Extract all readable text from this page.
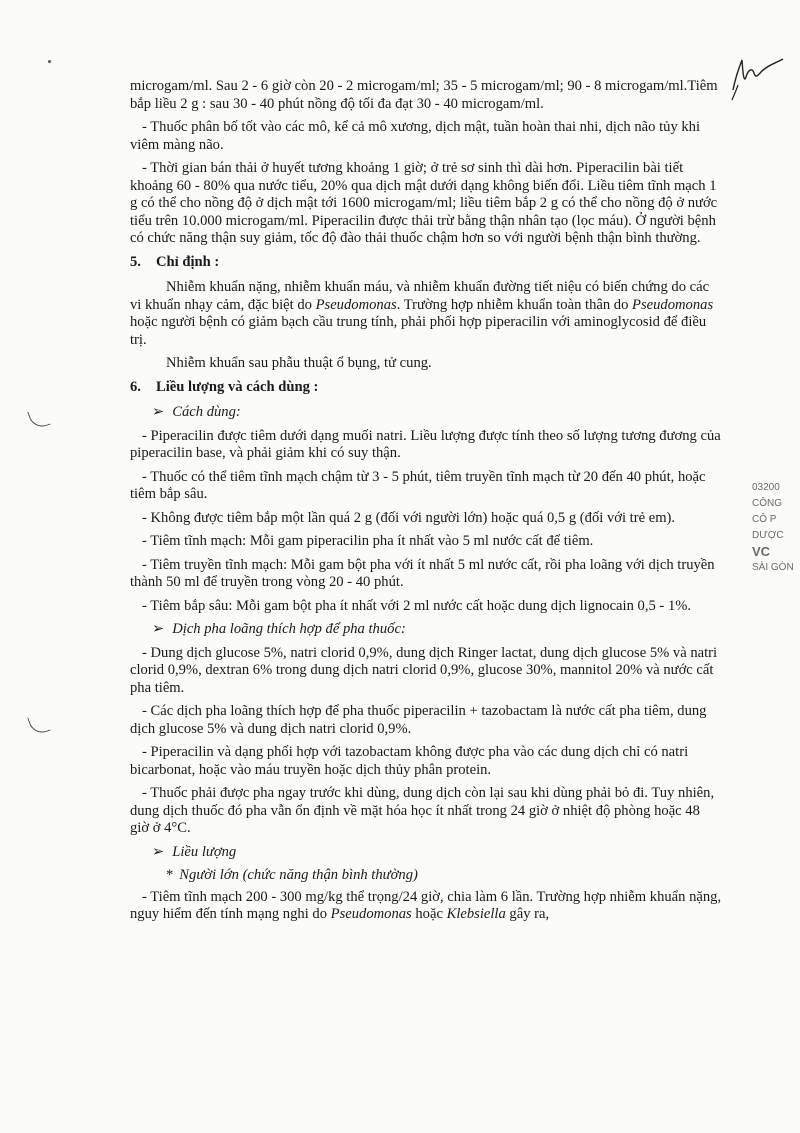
03200
CÔNG
CÔ P
DƯỢC
VC
SÀI GÒN

microgam/ml. Sau 2 - 6 giờ còn 20 - 2 microgam/ml; 35 - 5 microgam/ml; 90 - 8 microgam/ml.Tiêm bắp liều 2 g : sau 30 - 40 phút nồng độ tối đa đạt 30 - 40 microgam/ml.

- Thuốc phân bố tốt vào các mô, kể cả mô xương, dịch mật, tuần hoàn thai nhi, dịch não tủy khi viêm màng não.

- Thời gian bán thải ở huyết tương khoảng 1 giờ; ở trẻ sơ sinh thì dài hơn. Piperacilin bài tiết khoảng 60 - 80% qua nước tiểu, 20% qua dịch mật dưới dạng không biến đổi. Liều tiêm tĩnh mạch 1 g có thể cho nồng độ ở dịch mật tới 1600 microgam/ml; liều tiêm bắp 2 g có thể cho nồng độ ở nước tiểu trên 10.000 microgam/ml. Piperacilin được thải trừ bằng thận nhân tạo (lọc máu). Ở người bệnh có chức năng thận suy giảm, tốc độ đào thải thuốc chậm hơn so với người bệnh thận bình thường.

5. Chỉ định :

Nhiễm khuẩn nặng, nhiễm khuẩn máu, và nhiễm khuẩn đường tiết niệu có biến chứng do các vi khuẩn nhạy cảm, đặc biệt do Pseudomonas. Trường hợp nhiễm khuẩn toàn thân do Pseudomonas hoặc người bệnh có giảm bạch cầu trung tính, phải phối hợp piperacilin với aminoglycosid để điều trị.

Nhiễm khuẩn sau phẫu thuật ổ bụng, tử cung.

6. Liều lượng và cách dùng :
➢ Cách dùng:

- Piperacilin được tiêm dưới dạng muối natri. Liều lượng được tính theo số lượng tương đương của piperacilin base, và phải giảm khi có suy thận.

- Thuốc có thể tiêm tĩnh mạch chậm từ 3 - 5 phút, tiêm truyền tĩnh mạch từ 20 đến 40 phút, hoặc tiêm bắp sâu.

- Không được tiêm bắp một lần quá 2 g (đối với người lớn) hoặc quá 0,5 g (đối với trẻ em).

- Tiêm tĩnh mạch: Mỗi gam piperacilin pha ít nhất vào 5 ml nước cất để tiêm.

- Tiêm truyền tĩnh mạch: Mỗi gam bột pha với ít nhất 5 ml nước cất, rồi pha loãng với dịch truyền thành 50 ml để truyền trong vòng 20 - 40 phút.

- Tiêm bắp sâu: Mỗi gam bột pha ít nhất với 2 ml nước cất hoặc dung dịch lignocain 0,5 - 1%.

➢ Dịch pha loãng thích hợp để pha thuốc:

- Dung dịch glucose 5%, natri clorid 0,9%, dung dịch Ringer lactat, dung dịch glucose 5% và natri clorid 0,9%, dextran 6% trong dung dịch natri clorid 0,9%, glucose 30%, mannitol 20% và nước cất pha tiêm.

- Các dịch pha loãng thích hợp để pha thuốc piperacilin + tazobactam là nước cất pha tiêm, dung dịch glucose 5% và dung dịch natri clorid 0,9%.

- Piperacilin và dạng phối hợp với tazobactam không được pha vào các dung dịch chỉ có natri bicarbonat, hoặc vào máu truyền hoặc dịch thủy phân protein.

- Thuốc phải được pha ngay trước khi dùng, dung dịch còn lại sau khi dùng phải bỏ đi. Tuy nhiên, dung dịch thuốc đó pha vẫn ổn định về mặt hóa học ít nhất trong 24 giờ ở nhiệt độ phòng hoặc 48 giờ ở 4°C.

➢ Liều lượng
* Người lớn (chức năng thận bình thường)

- Tiêm tĩnh mạch 200 - 300 mg/kg thể trọng/24 giờ, chia làm 6 lần. Trường hợp nhiễm khuẩn nặng, nguy hiểm đến tính mạng nghi do Pseudomonas hoặc Klebsiella gây ra,
